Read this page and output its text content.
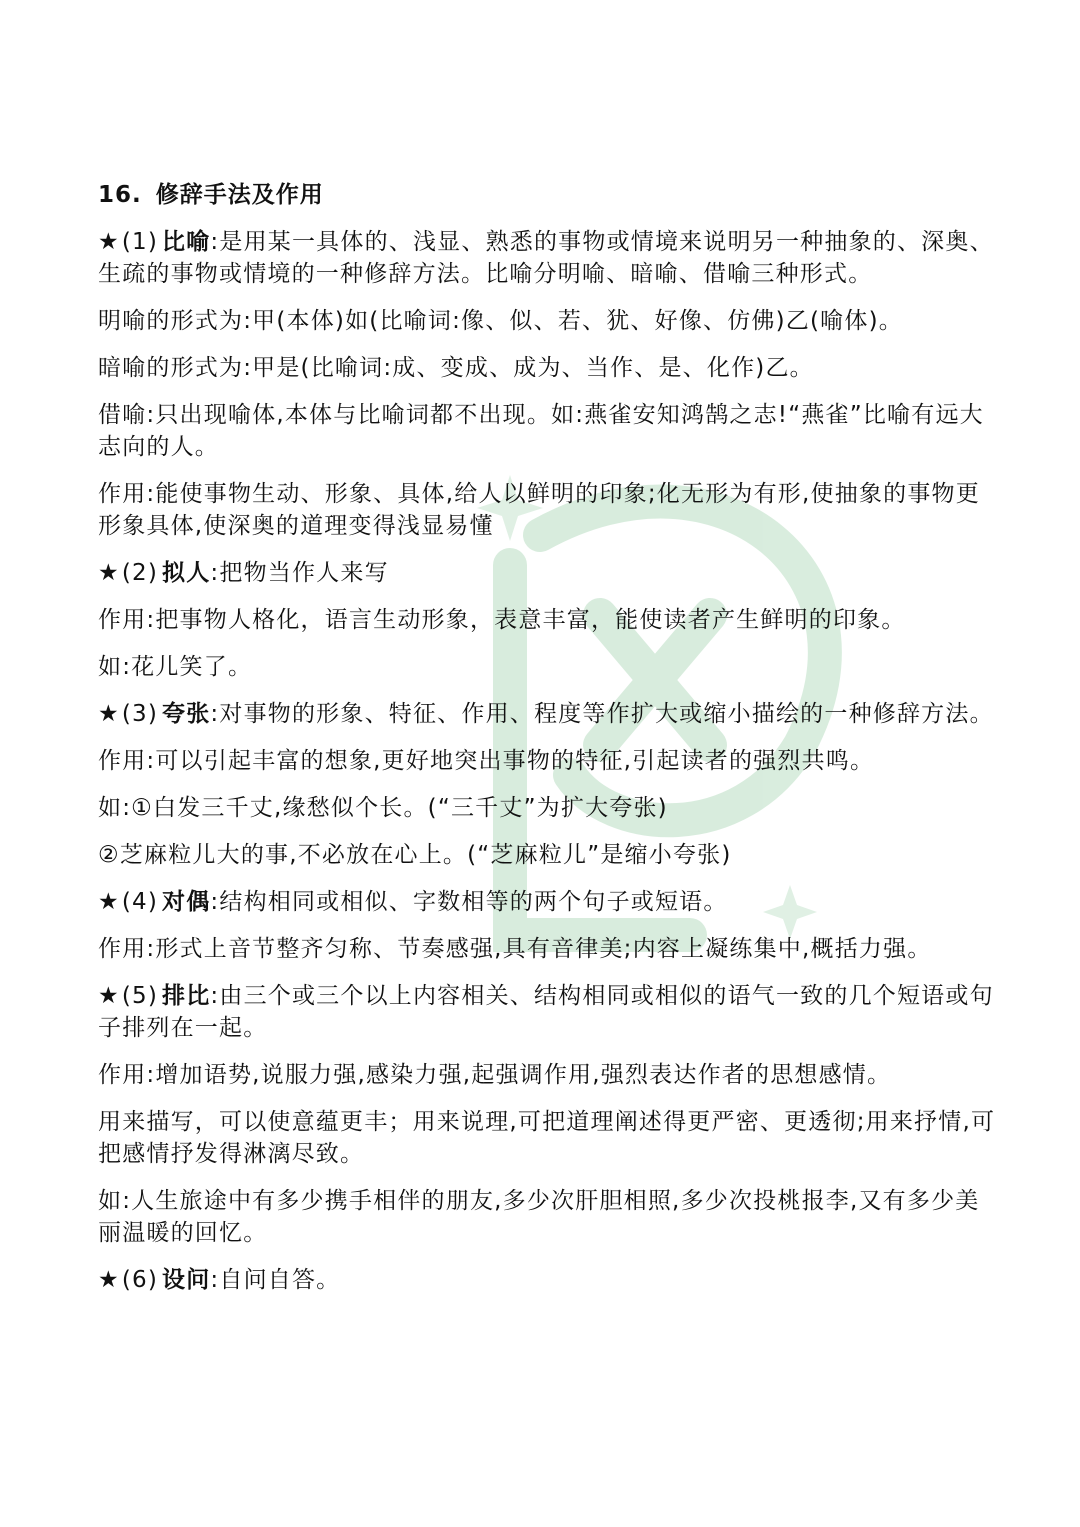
16. 修辞手法及作用

★(1) 比喻:是用某一具体的、浅显、熟悉的事物或情境来说明另一种抽象的、深奥、生疏的事物或情境的一种修辞方法。比喻分明喻、暗喻、借喻三种形式。

明喻的形式为:甲(本体)如(比喻词:像、似、若、犹、好像、仿佛)乙(喻体)。

暗喻的形式为:甲是(比喻词:成、变成、成为、当作、是、化作)乙。

借喻:只出现喻体,本体与比喻词都不出现。如:燕雀安知鸿鹄之志!“燕雀”比喻有远大志向的人。

作用:能使事物生动、形象、具体,给人以鲜明的印象;化无形为有形,使抽象的事物更形象具体,使深奥的道理变得浅显易懂

★(2) 拟人:把物当作人来写

作用:把事物人格化，语言生动形象，表意丰富，能使读者产生鲜明的印象。

如:花儿笑了。

★(3) 夸张:对事物的形象、特征、作用、程度等作扩大或缩小描绘的一种修辞方法。

作用:可以引起丰富的想象,更好地突出事物的特征,引起读者的强烈共鸣。

如:①白发三千丈,缘愁似个长。(“三千丈”为扩大夸张)

②芝麻粒儿大的事,不必放在心上。(“芝麻粒儿”是缩小夸张)

★(4) 对偶:结构相同或相似、字数相等的两个句子或短语。

作用:形式上音节整齐匀称、节奏感强,具有音律美;内容上凝练集中,概括力强。

★(5) 排比:由三个或三个以上内容相关、结构相同或相似的语气一致的几个短语或句子排列在一起。

作用:增加语势,说服力强,感染力强,起强调作用,强烈表达作者的思想感情。

用来描写，可以使意蕴更丰；用来说理,可把道理阐述得更严密、更透彻;用来抒情,可把感情抒发得淋漓尽致。

如:人生旅途中有多少携手相伴的朋友,多少次肝胆相照,多少次投桃报李,又有多少美丽温暖的回忆。

★(6) 设问:自问自答。
